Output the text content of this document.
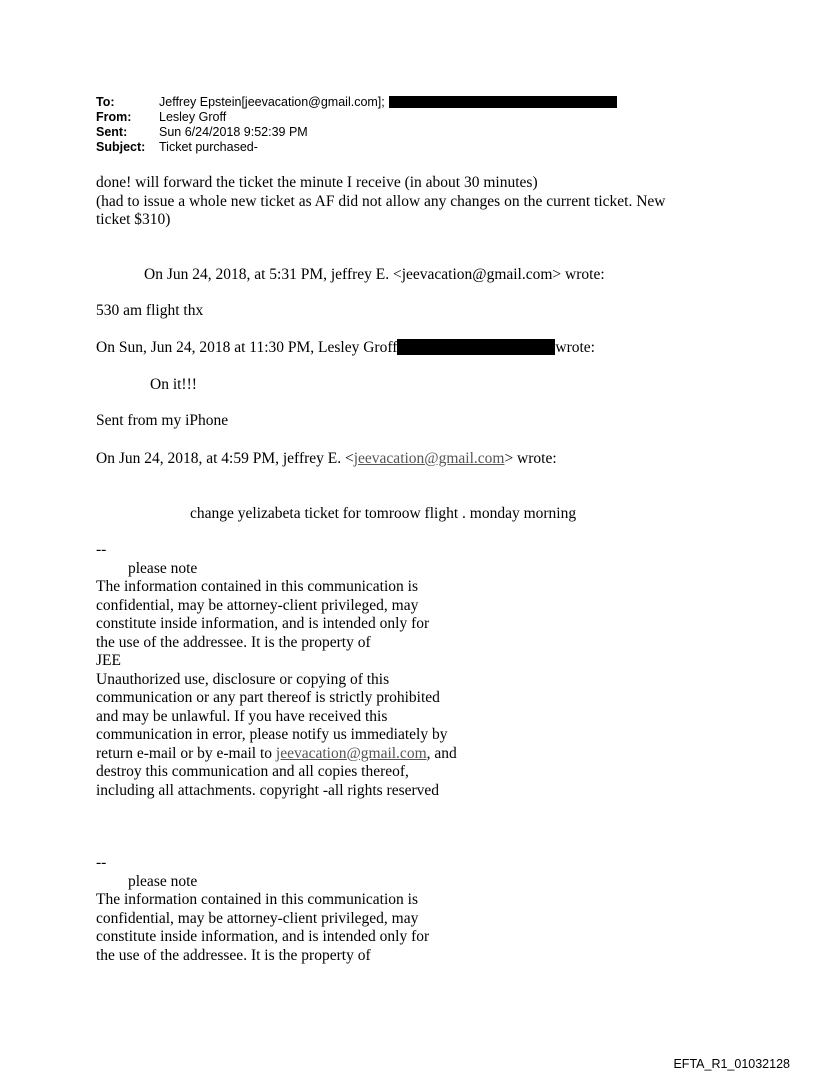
To:	Jeffrey Epstein[jeevacation@gmail.com];
From: Lesley Groff
Sent:	Sun 6/24/2018 9:52:39 PM
Subject: Ticket purchased-
done! will forward the ticket the minute I receive (in about 30 minutes)
(had to issue a whole new ticket as AF did not allow any changes on the current ticket. New
ticket $310)
On Jun 24, 2018, at 5:31 PM, jeffrey E. <jeevacation@gmail.com> wrote:
530 am flight thx
On Sun, Jun 24, 2018 at 11:30 PM, Lesley Groff	wrote:
On it!!!
Sent from my iPhone
On Jun 24, 2018, at 4:59 PM, jeffrey E. <jeevacation@gmail.com> wrote:
change yelizabeta ticket for tomroow flight . monday morning
--
please note
The information contained in this communication is
confidential, may be attorney-client privileged, may
constitute inside information, and is intended only for
the use of the addressee. It is the property of
JEE
Unauthorized use, disclosure or copying of this
communication or any part thereof is strictly prohibited
and may be unlawful. If you have received this
communication in error, please notify us immediately by
return e-mail or by e-mail to jeevacation@gmail.com, and
destroy this communication and all copies thereof,
including all attachments. copyright -all rights reserved
--
please note
The information contained in this communication is
confidential, may be attorney-client privileged, may
constitute inside information, and is intended only for
the use of the addressee. It is the property of
EFTA_R1_01032128
